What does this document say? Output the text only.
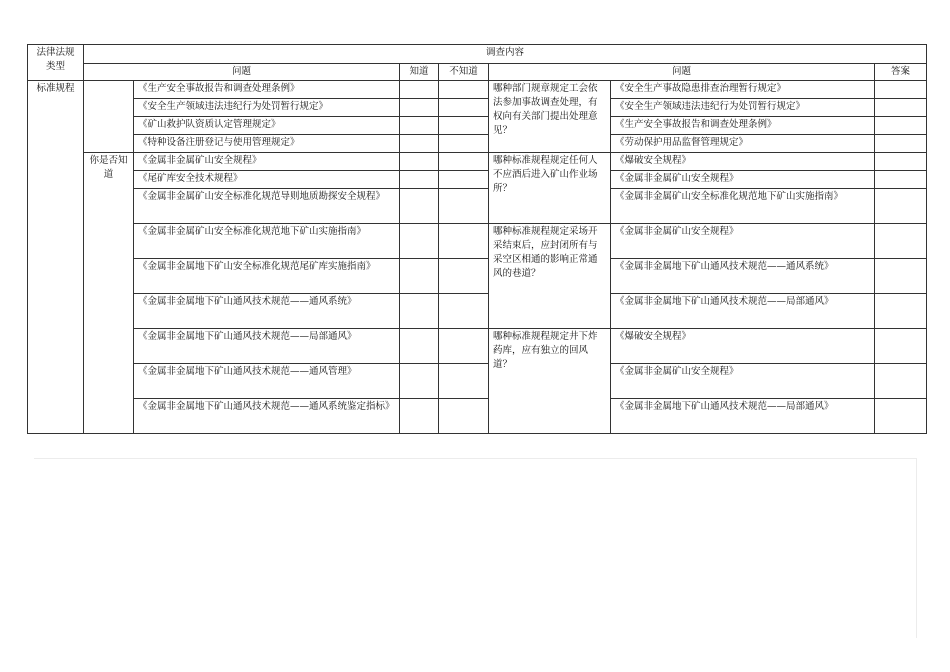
法律法规类型	调查内容						
	问题		知道	不知道	问题		答案
标准规程		《生产安全事故报告和调查处理条例》			哪种部门规章规定工会依法参加事故调查处理，有权向有关部门提出处理意见？	《安全生产事故隐患排查治理暂行规定》	
		《安全生产领域违法违纪行为处罚暂行规定》				《安全生产领域违法违纪行为处罚暂行规定》	
		《矿山救护队资质认定管理规定》				《生产安全事故报告和调查处理条例》	
		《特种设备注册登记与使用管理规定》				《劳动保护用品监督管理规定》	
	你是否知道	《金属非金属矿山安全规程》			哪种标准规程规定任何人不应酒后进入矿山作业场所？	《爆破安全规程》	
		《尾矿库安全技术规程》				《金属非金属矿山安全规程》	
		《金属非金属矿山安全标准化规范导则地质勘探安全规程》				《金属非金属矿山安全标准化规范地下矿山实施指南》	
		《金属非金属矿山安全标准化规范地下矿山实施指南》			哪种标准规程规定采场开采结束后，应封闭所有与采空区相通的影响正常通风的巷道？	《金属非金属矿山安全规程》	
		《金属非金属地下矿山安全标准化规范尾矿库实施指南》				《金属非金属地下矿山通风技术规范——通风系统》	
		《金属非金属地下矿山通风技术规范——通风系统》				《金属非金属地下矿山通风技术规范——局部通风》	
		《金属非金属地下矿山通风技术规范——局部通风》			哪种标准规程规定井下炸药库，应有独立的回风道？	《爆破安全规程》	
		《金属非金属地下矿山通风技术规范——通风管理》				《金属非金属矿山安全规程》	
		《金属非金属地下矿山通风技术规范——通风系统鉴定指标》				《金属非金属地下矿山通风技术规范——局部通风》	
